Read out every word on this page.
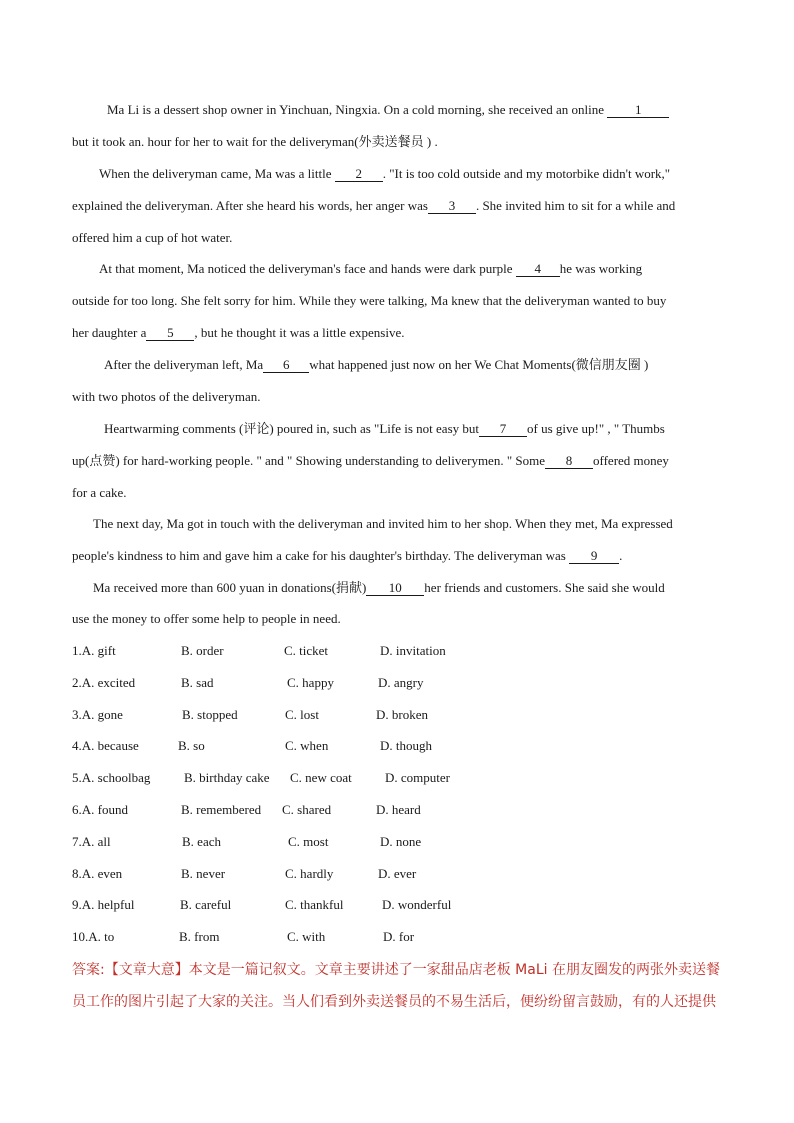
Ma Li is a dessert shop owner in Yinchuan, Ningxia. On a cold morning, she received an online 1
but it took an. hour for her to wait for the deliveryman(外卖送餐员 ) .
When the deliveryman came, Ma was a little 2 . "It is too cold outside and my motorbike didn't work,"
explained the deliveryman. After she heard his words, her anger was 3 . She invited him to sit for a while and
offered him a cup of hot water.
At that moment, Ma noticed the deliveryman's face and hands were dark purple 4 he was working
outside for too long. She felt sorry for him. While they were talking, Ma knew that the deliveryman wanted to buy
her daughter a 5 , but he thought it was a little expensive.
After the deliveryman left, Ma 6 what happened just now on her We Chat Moments(微信朋友圈 )
with two photos of the deliveryman.
Heartwarming comments (评论) poured in, such as "Life is not easy but 7 of us give up!" , " Thumbs
up(点赞) for hard-working people. " and " Showing understanding to deliverymen. " Some 8 offered money
for a cake.
The next day, Ma got in touch with the deliveryman and invited him to her shop. When they met, Ma expressed
people's kindness to him and gave him a cake for his daughter's birthday. The deliveryman was 9 .
Ma received more than 600 yuan in donations(捐献) 10 her friends and customers. She said she would
use the money to offer some help to people in need.
1.A. gift	B. order	C. ticket	D. invitation
2.A. excited	B. sad	C. happy	D. angry
3.A. gone	B. stopped	C. lost	D. broken
4.A. because	B. so	C. when	D. though
5.A. schoolbag	B. birthday cake C. new coat	D. computer
6.A. found	B. remembered C. shared	D. heard
7.A. all	B. each	C. most	D. none
8.A. even	B. never	C. hardly	D. ever
9.A. helpful	B. careful	C. thankful	D. wonderful
10.A. to	B. from	C. with	D. for
答案:【文章大意】本文是一篇记叙文。文章主要讲述了一家甜品店老板 MaLi 在朋友圈发的两张外卖送餐
员工作的图片引起了大家的关注。当人们看到外卖送餐员的不易生活后，便纷纷留言鼓励，有的人还提供
